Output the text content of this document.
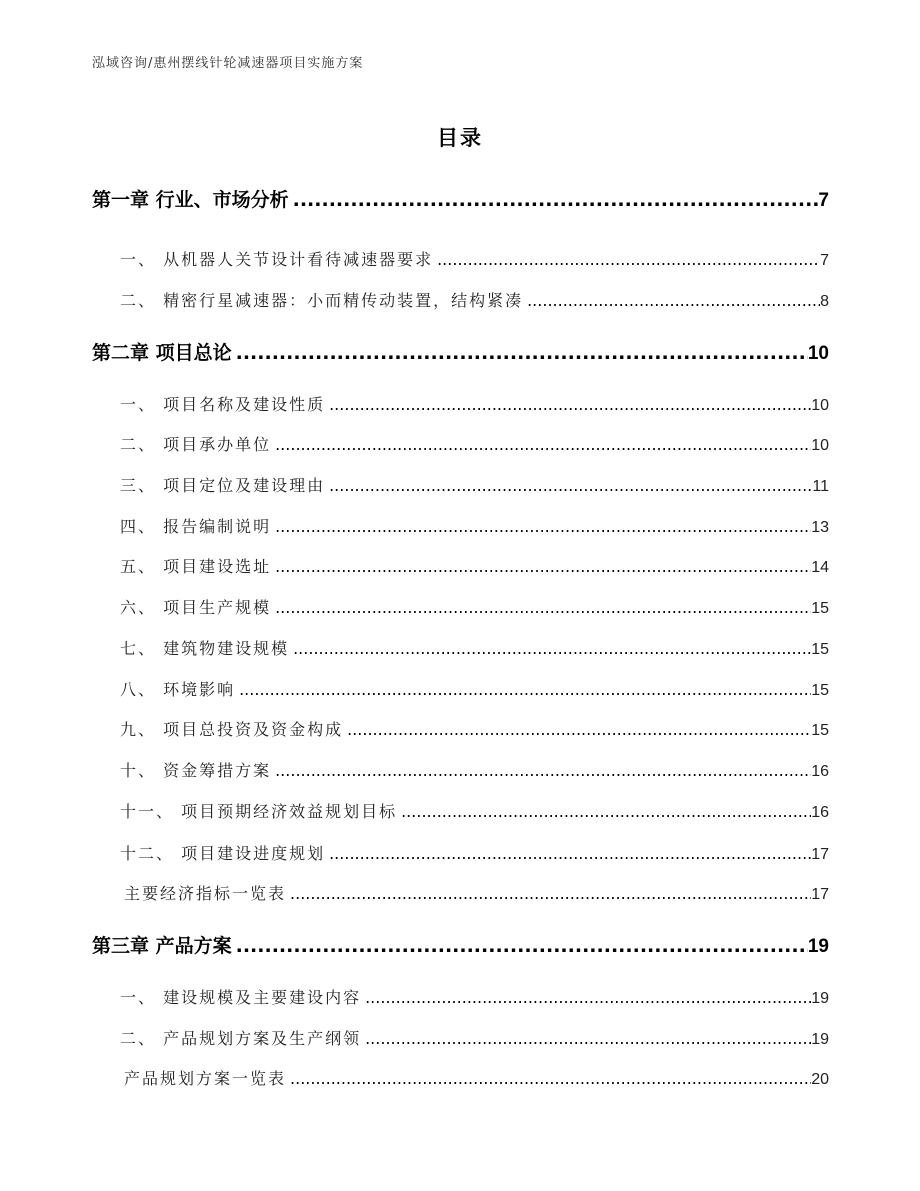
泓域咨询/惠州摆线针轮减速器项目实施方案
目录
第一章 行业、市场分析 .....	7
一、 从机器人关节设计看待减速器要求 .....	7
二、 精密行星减速器：小而精传动装置，结构紧凑 .....	8
第二章 项目总论 .....	10
一、 项目名称及建设性质 .....	10
二、 项目承办单位 .....	10
三、 项目定位及建设理由 .....	11
四、 报告编制说明 .....	13
五、 项目建设选址 .....	14
六、 项目生产规模 .....	15
七、 建筑物建设规模 .....	15
八、 环境影响 .....	15
九、 项目总投资及资金构成 .....	15
十、 资金筹措方案 .....	16
十一、 项目预期经济效益规划目标 .....	16
十二、 项目建设进度规划 .....	17
主要经济指标一览表 .....	17
第三章 产品方案 .....	19
一、 建设规模及主要建设内容 .....	19
二、 产品规划方案及生产纲领 .....	19
产品规划方案一览表 .....	20
